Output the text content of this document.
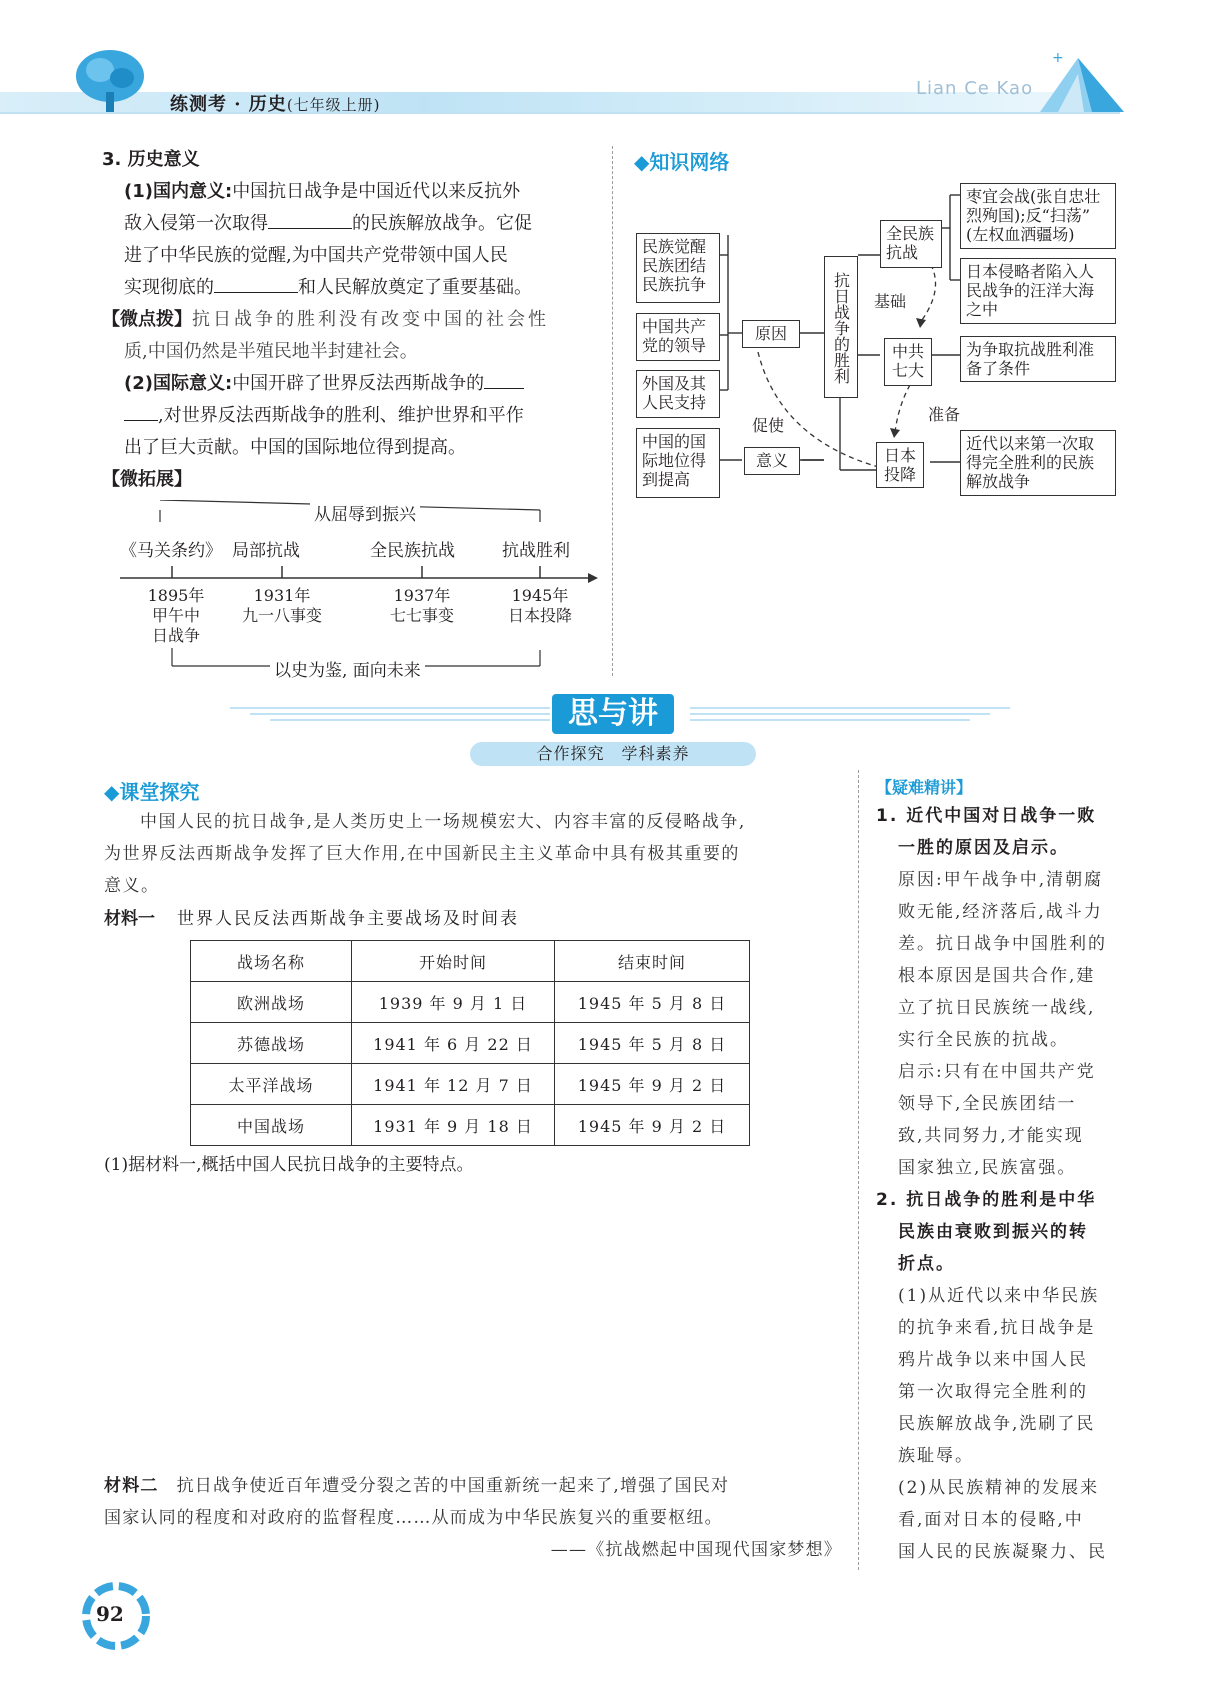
练测考 · 历史(七年级上册)
Lian Ce Kao
+
3. 历史意义

(1)国内意义:中国抗日战争是中国近代以来反抗外

敌入侵第一次取得	的民族解放战争。它促

进了中华民族的觉醒,为中国共产党带领中国人民

实现彻底的	和人民解放奠定了重要基础。

【微点拨】抗日战争的胜利没有改变中国的社会性

质,中国仍然是半殖民地半封建社会。

(2)国际意义:中国开辟了世界反法西斯战争的

,对世界反法西斯战争的胜利、维护世界和平作

出了巨大贡献。中国的国际地位得到提高。

【微拓展】

从屈辱到振兴
《马关条约》 局部抗战	全民族抗战	抗战胜利
1895年
甲午中
日战争
1931年
九一八事变
1937年
七七事变
1945年
日本投降
以史为鉴, 面向未来
◆知识网络
民族觉醒
民族团结
民族抗争
中国共产
党的领导
外国及其
人民支持
中国的国
际地位得
到提高
原因
意义
抗日战争的胜利
全民族
抗战
枣宜会战(张自忠壮
烈殉国);反“扫荡”
(左权血洒疆场)
日本侵略者陷入人
民战争的汪洋大海
之中
基础
中共
七大
为争取抗战胜利准
备了条件
准备
促使
日本
投降
近代以来第一次取
得完全胜利的民族
解放战争
思与讲
合作探究　学科素养
◆课堂探究
中国人民的抗日战争,是人类历史上一场规模宏大、内容丰富的反侵略战争,
为世界反法西斯战争发挥了巨大作用,在中国新民主主义革命中具有极其重要的
意义。
材料一 世界人民反法西斯战争主要战场及时间表
战场名称	开始时间	结束时间
欧洲战场	1939 年 9 月 1 日	1945 年 5 月 8 日
苏德战场	1941 年 6 月 22 日	1945 年 5 月 8 日
太平洋战场	1941 年 12 月 7 日	1945 年 9 月 2 日
中国战场	1931 年 9 月 18 日	1945 年 9 月 2 日
(1)据材料一,概括中国人民抗日战争的主要特点。
材料二 抗日战争使近百年遭受分裂之苦的中国重新统一起来了,增强了国民对
国家认同的程度和对政府的监督程度……从而成为中华民族复兴的重要枢纽。
——《抗战燃起中国现代国家梦想》
【疑难精讲】

1. 近代中国对日战争一败

一胜的原因及启示。

原因:甲午战争中,清朝腐

败无能,经济落后,战斗力

差。抗日战争中国胜利的

根本原因是国共合作,建

立了抗日民族统一战线,

实行全民族的抗战。

启示:只有在中国共产党

领导下,全民族团结一

致,共同努力,才能实现

国家独立,民族富强。

2. 抗日战争的胜利是中华

民族由衰败到振兴的转

折点。

(1)从近代以来中华民族

的抗争来看,抗日战争是

鸦片战争以来中国人民

第一次取得完全胜利的

民族解放战争,洗刷了民

族耻辱。

(2)从民族精神的发展来

看,面对日本的侵略,中

国人民的民族凝聚力、民

92
